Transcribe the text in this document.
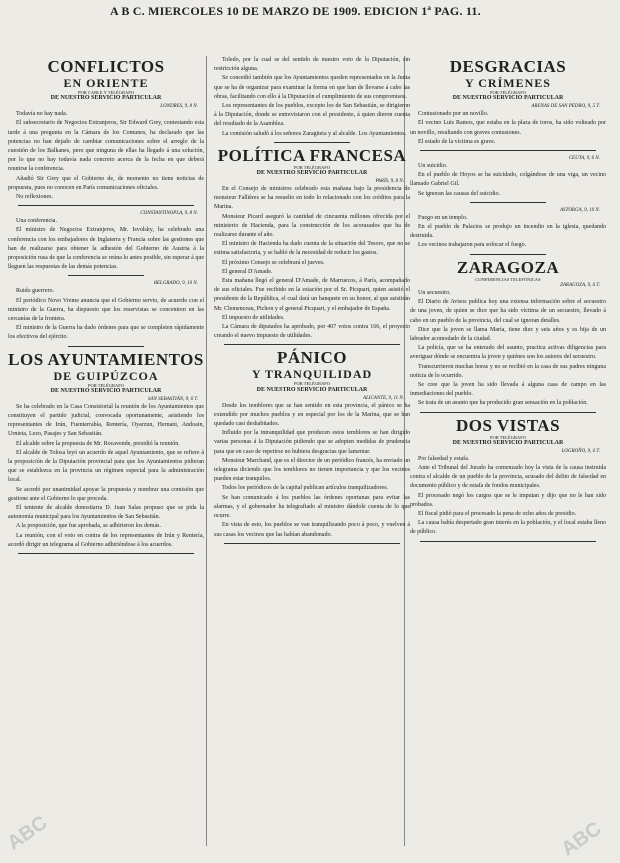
A B C. MIERCOLES 10 DE MARZO DE 1909. EDICION 1ª PAG. 11.
CONFLICTOS
EN ORIENTE
POR CABLE Y TELÉGRAFO
DE NUESTRO SERVICIO PARTICULAR
LONDRES, 9, 8 N.

Todavía no hay nada.

El subsecretario de Negocios Extranjeros, Sir Edward Grey, contestando esta tarde á una pregunta en la Cámara de los Comunes, ha declarado que las potencias no han dejado de cambiar comunicaciones sobre el arreglo de la cuestión de los Balkanes, pero que ninguna de ellas ha llegado á una solución, por lo que no hay todavía nada concreto acerca de la fecha en que deberá reunirse la conferencia.

Añadió Sir Grey que el Gobierno de, de momento no tiene noticias de propuesta, pues no conocen en París comunicaciones oficiales.

No reflexiones.

CONSTANTINOPLA, 9, 8 N.

Una conferencia.

El ministro de Negocios Extranjeros, Mr. Isvolsky, ha celebrado una conferencia con los embajadores de Inglaterra y Francia sobre las gestiones que han de realizarse para obtener la adhesión del Gobierno de Austria á la proposición rusa de que la conferencia se reúna lo antes posible, sin esperar á que lleguen las respuestas de las demás potencias.

BELGRADO, 9, 10 N.

Ruido guerrero.

El periódico Novo Vreme anuncia que el Gobierno servio, de acuerdo con el ministro de la Guerra, ha dispuesto que los reservistas se concentren en las cercanías de la frontera.

El ministro de la Guerra ha dado órdenes para que se completen rápidamente los efectivos del ejército.

LOS AYUNTAMIENTOS
DE GUIPÚZCOA
POR TELÉGRAFO
DE NUESTRO SERVICIO PARTICULAR
SAN SEBASTIÁN, 9, 6 T.

Se ha celebrado en la Casa Consistorial la reunión de los Ayuntamientos que constituyen el partido judicial, convocada oportunamente, asistiendo los representantes de Irún, Fuenterrabía, Rentería, Oyarzun, Hernani, Andoain, Urnieta, Lezo, Pasajes y San Sebastián.

El alcalde sobre la propuesta de Mr. Rocavende, presidió la reunión.

El alcalde de Tolosa leyó un acuerdo de aquel Ayuntamiento, que se refiere á la proposición de la Diputación provincial para que los Ayuntamientos pidieran que se establezca en la provincia un régimen especial para la administración local.

Se acordó por unanimidad apoyar la propuesta y nombrar una comisión que gestione ante el Gobierno lo que proceda.

El teniente de alcalde donostiarra D. Juan Salas propuso que se pida la autonomía municipal para los Ayuntamientos de San Sebastián.

A la proposición, que fue aprobada, se adhirieron los demás.

La reunión, con el voto en contra de los representantes de Irún y Rentería, acordó dirigir un telegrama al Gobierno adhiriéndose á los acuerdos.

Toledo, por la cual se del sentido de nuestro voto de la Diputación, sin restricción alguna.

Se concedió también que los Ayuntamientos queden representados en la Junta que se ha de organizar para examinar la forma en que han de llevarse á cabo las obras, facilitando con ello á la Diputación el cumplimiento de sus compromisos.

Los representantes de los pueblos, excepto los de San Sebastián, se dirigieron á la Diputación, donde se entrevistaron con el presidente, á quien dieron cuenta del resultado de la Asamblea.

La comisión saludó á los señores Zaragüeta y al alcalde. Los Ayuntamientos.

POLÍTICA FRANCESA
POR TELÉGRAFO
DE NUESTRO SERVICIO PARTICULAR
PARÍS, 9, 8 N.

En el Consejo de ministros celebrado esta mañana bajo la presidencia de monsieur Fallières se ha resuelto en todo lo relacionado con los créditos para la Marina.

Monsieur Picard aseguró la cantidad de cincuenta millones ofrecida por el ministerio de Hacienda, para la construcción de los acorazados que ha de realizarse durante el año.

El ministro de Hacienda ha dado cuenta de la situación del Tesoro, que no se estima satisfactoria, y se habló de la necesidad de reducir los gastos.

El próximo Consejo se celebrará el jueves.

El general D'Amade.

Esta mañana llegó el general D'Amade, de Marruecos, á París, acompañado de sus oficiales. Fue recibido en la estación por el Sr. Picquart, quien asistió el presidente de la República, el cual dará un banquete en su honor, al que asistirán Mr. Clemenceau, Pichon y el general Picquart, y el embajador de España.

El impuesto de utilidades.

La Cámara de diputados ha aprobado, por 407 votos contra 166, el proyecto creando el nuevo impuesto de utilidades.

PÁNICO
Y TRANQUILIDAD
POR TELÉGRAFO
DE NUESTRO SERVICIO PARTICULAR
ALICANTE, 9, 11 N.

Desde los temblores que se han sentido en esta provincia, el pánico se ha extendido por muchos pueblos y en especial por los de la Marina, que se han quedado casi deshabitados.

Influido por la intranquilidad que producen estos temblores se han dirigido varias personas á la Diputación pidiendo que se adopten medidas de prudencia para que en caso de repetirse no hubiera desgracias que lamentar.

Monsieur Marchand, que es el director de un periódico francés, ha enviado un telegrama diciendo que los temblores no tienen importancia y que los vecinos pueden estar tranquilos.

Todos los periódicos de la capital publican artículos tranquilizadores.

Se han comunicado á los pueblos las órdenes oportunas para evitar las alarmas, y el gobernador ha telegrafiado al ministro dándole cuenta de lo que ocurre.

En vista de esto, los pueblos se van tranquilizando poco á poco, y vuelven á sus casas los vecinos que las habían abandonado.

DESGRACIAS
Y CRÍMENES
POR TELÉGRAFO
DE NUESTRO SERVICIO PARTICULAR
ARENAS DE SAN PEDRO, 9, 5 T.

Contusionado por un novillo.

El vecino Luis Ramos, que estaba en la plaza de toros, ha sido volteado por un novillo, resultando con graves contusiones.

El estado de la víctima es grave.

CEUTA, 9, 6 N.

Un suicidio.

En el pueblo de Hoyos se ha suicidado, colgándose de una viga, un vecino llamado Gabriel Gil.

Se ignoran las causas del suicidio.

ASTORGA, 9, 10 N.

Fuego en un templo.

En el pueblo de Palacios se produjo un incendio en la iglesia, quedando destruida.

Los vecinos trabajaron para sofocar el fuego.

ZARAGOZA
CONFERENCIAS TELEFÓNICAS
ZARAGOZA, 9, 6 T.

Un secuestro.

El Diario de Avisos publica hoy una extensa información sobre el secuestro de una joven, de quien se dice que ha sido víctima de un secuestro, llevado á cabo en un pueblo de la provincia, del cual se ignoran detalles.

Dice que la joven se llama María, tiene diez y seis años y es hija de un labrador acomodado de la ciudad.

La policía, que se ha enterado del asunto, practica activas diligencias para averiguar dónde se encuentra la joven y quiénes son los autores del secuestro.

Transcurrieron muchas horas y no se recibió en la casa de sus padres ninguna noticia de lo ocurrido.

Se cree que la joven ha sido llevada á alguna casa de campo en las inmediaciones del pueblo.

Se trata de un asunto que ha producido gran sensación en la población.

DOS VISTAS
POR TELÉGRAFO
DE NUESTRO SERVICIO PARTICULAR
LOGROÑO, 9, 6 T.

Por falsedad y estafa.

Ante el Tribunal del Jurado ha comenzado hoy la vista de la causa instruida contra el alcalde de un pueblo de la provincia, acusado del delito de falsedad en documento público y de estafa de fondos municipales.

El procesado negó los cargos que se le imputan y dijo que no le han sido probados.

El fiscal pidió para el procesado la pena de ocho años de presidio.

La causa había despertado gran interés en la población, y el local estaba lleno de público.

ABC	ABC
